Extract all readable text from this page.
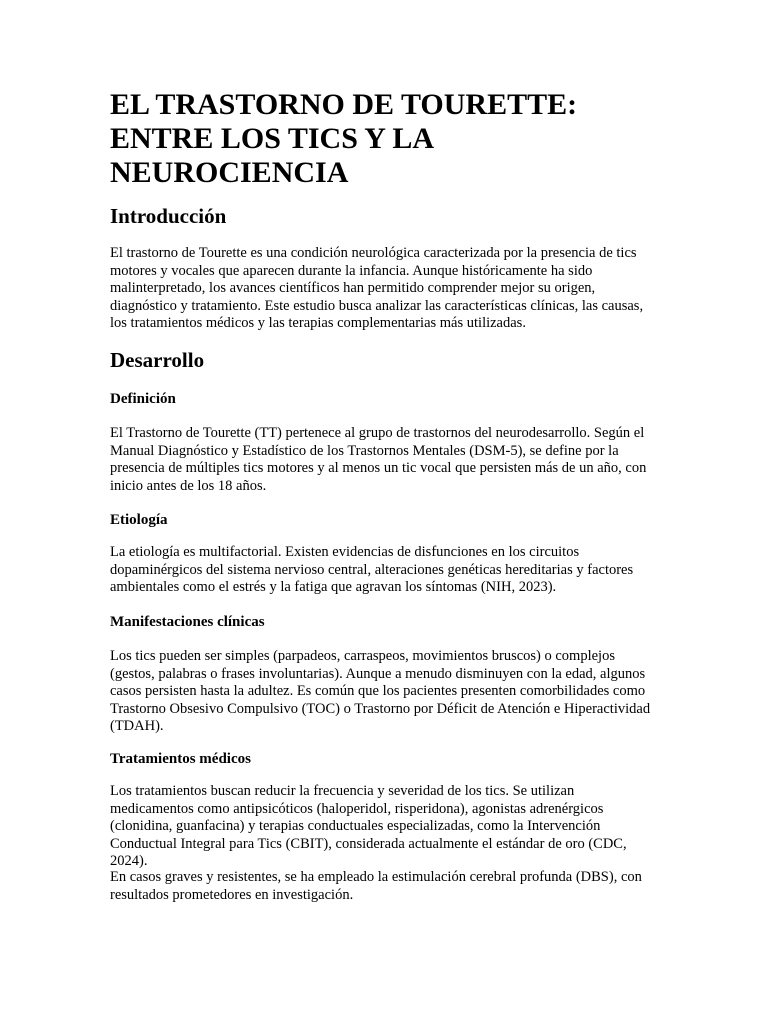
EL TRASTORNO DE TOURETTE: ENTRE LOS TICS Y LA NEUROCIENCIA
Introducción

El trastorno de Tourette es una condición neurológica caracterizada por la presencia de tics motores y vocales que aparecen durante la infancia. Aunque históricamente ha sido malinterpretado, los avances científicos han permitido comprender mejor su origen, diagnóstico y tratamiento. Este estudio busca analizar las características clínicas, las causas, los tratamientos médicos y las terapias complementarias más utilizadas.

Desarrollo
Definición

El Trastorno de Tourette (TT) pertenece al grupo de trastornos del neurodesarrollo. Según el Manual Diagnóstico y Estadístico de los Trastornos Mentales (DSM-5), se define por la presencia de múltiples tics motores y al menos un tic vocal que persisten más de un año, con inicio antes de los 18 años.

Etiología

La etiología es multifactorial. Existen evidencias de disfunciones en los circuitos dopaminérgicos del sistema nervioso central, alteraciones genéticas hereditarias y factores ambientales como el estrés y la fatiga que agravan los síntomas (NIH, 2023).

Manifestaciones clínicas

Los tics pueden ser simples (parpadeos, carraspeos, movimientos bruscos) o complejos (gestos, palabras o frases involuntarias). Aunque a menudo disminuyen con la edad, algunos casos persisten hasta la adultez. Es común que los pacientes presenten comorbilidades como Trastorno Obsesivo Compulsivo (TOC) o Trastorno por Déficit de Atención e Hiperactividad (TDAH).

Tratamientos médicos

Los tratamientos buscan reducir la frecuencia y severidad de los tics. Se utilizan medicamentos como antipsicóticos (haloperidol, risperidona), agonistas adrenérgicos (clonidina, guanfacina) y terapias conductuales especializadas, como la Intervención Conductual Integral para Tics (CBIT), considerada actualmente el estándar de oro (CDC, 2024).

En casos graves y resistentes, se ha empleado la estimulación cerebral profunda (DBS), con resultados prometedores en investigación.
